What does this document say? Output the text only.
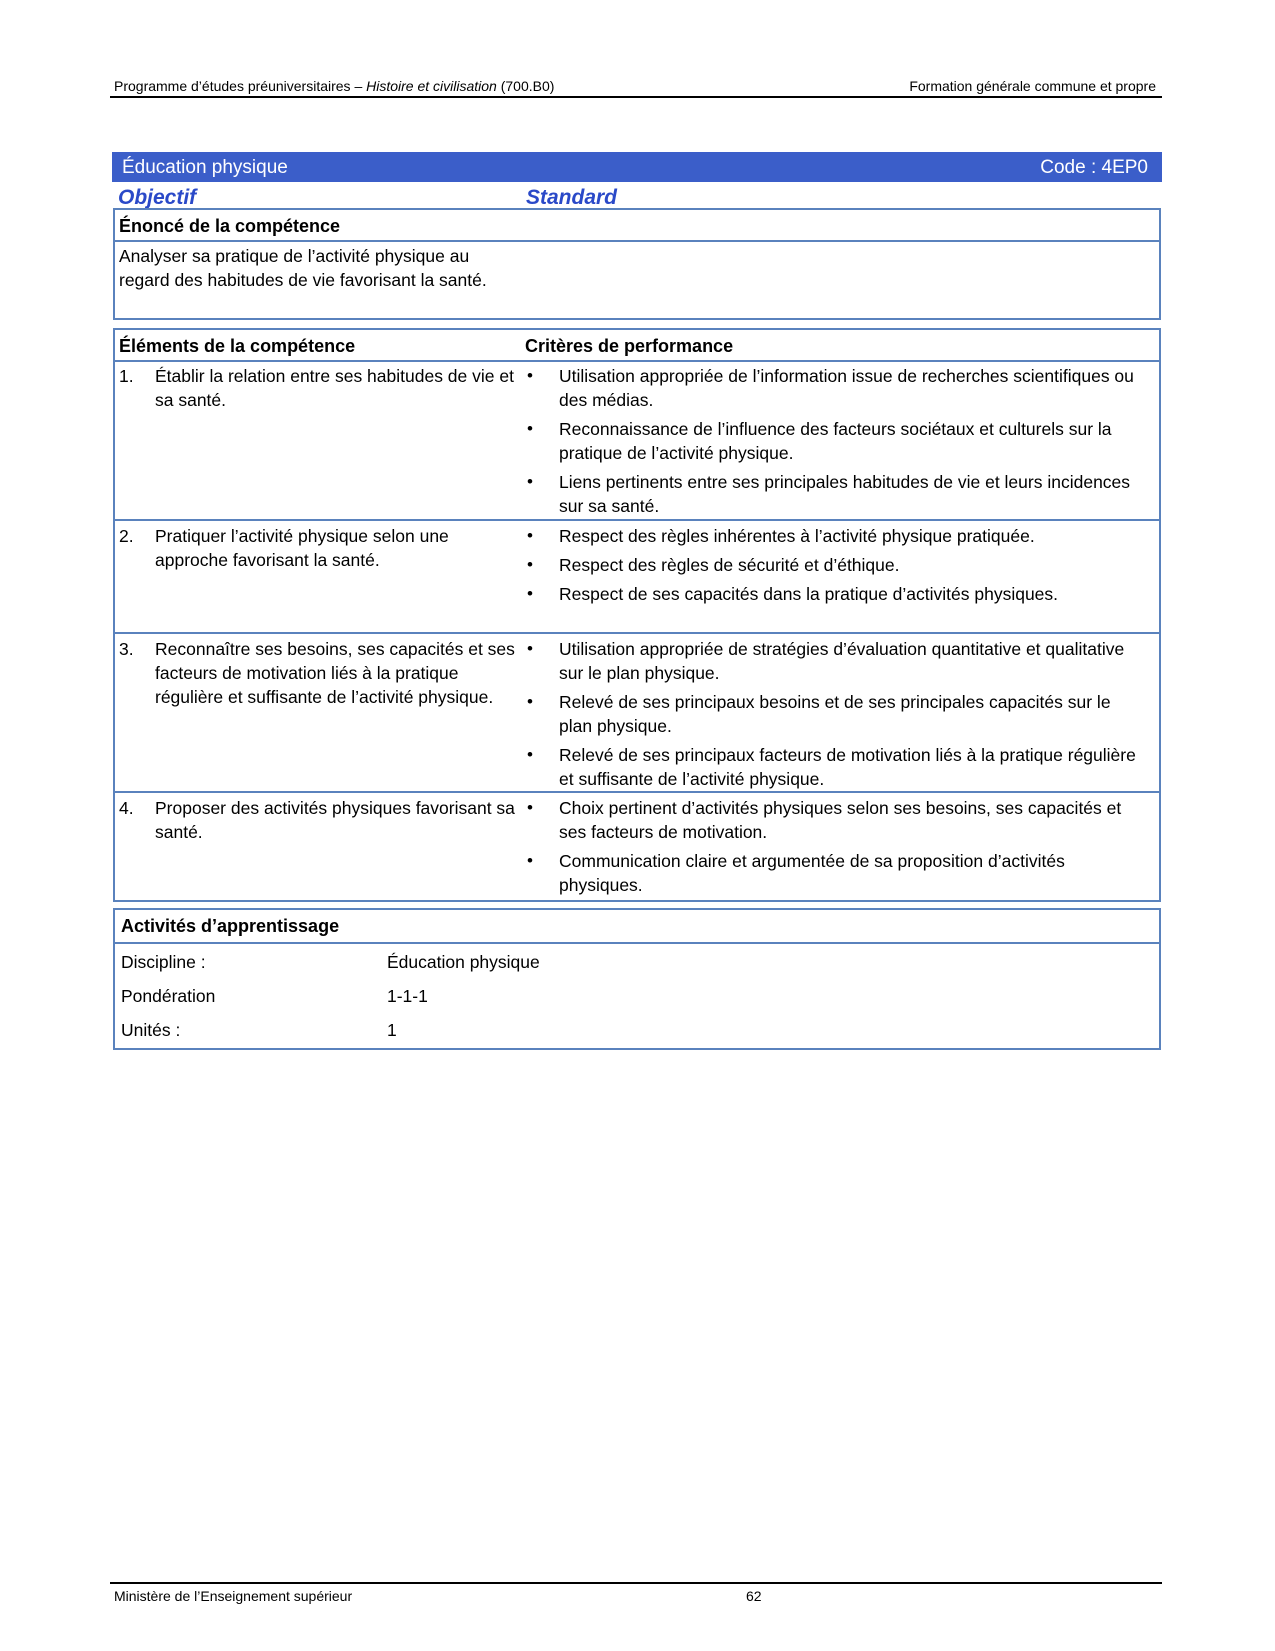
Programme d’études préuniversitaires – Histoire et civilisation (700.B0)	Formation générale commune et propre
Éducation physique	Code : 4EP0
Objectif	Standard
Énoncé de la compétence
Analyser sa pratique de l’activité physique au regard des habitudes de vie favorisant la santé.
Éléments de la compétence	Critères de performance
1. Établir la relation entre ses habitudes de vie et sa santé.
• Utilisation appropriée de l’information issue de recherches scientifiques ou des médias.
• Reconnaissance de l’influence des facteurs sociétaux et culturels sur la pratique de l’activité physique.
• Liens pertinents entre ses principales habitudes de vie et leurs incidences sur sa santé.
2. Pratiquer l’activité physique selon une approche favorisant la santé.
• Respect des règles inhérentes à l’activité physique pratiquée.
• Respect des règles de sécurité et d’éthique.
• Respect de ses capacités dans la pratique d’activités physiques.
3. Reconnaître ses besoins, ses capacités et ses facteurs de motivation liés à la pratique régulière et suffisante de l’activité physique.
• Utilisation appropriée de stratégies d’évaluation quantitative et qualitative sur le plan physique.
• Relevé de ses principaux besoins et de ses principales capacités sur le plan physique.
• Relevé de ses principaux facteurs de motivation liés à la pratique régulière et suffisante de l’activité physique.
4. Proposer des activités physiques favorisant sa santé.
• Choix pertinent d’activités physiques selon ses besoins, ses capacités et ses facteurs de motivation.
• Communication claire et argumentée de sa proposition d’activités physiques.
Activités d’apprentissage
Discipline :	Éducation physique
Pondération	1-1-1
Unités :	1
Ministère de l’Enseignement supérieur	62
